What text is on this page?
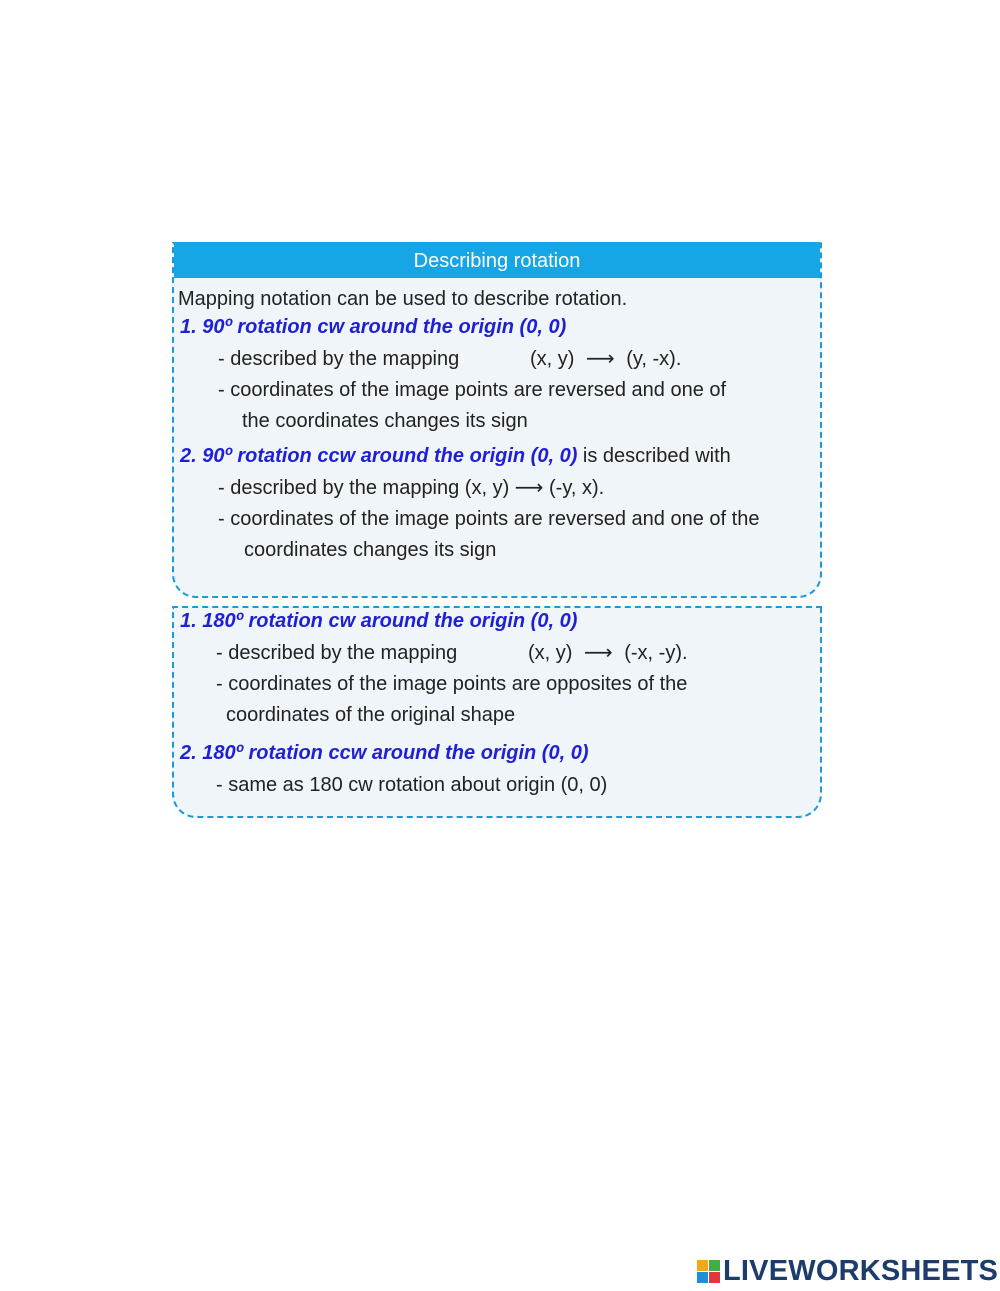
Describing rotation
Mapping notation can be used to describe rotation.
1. 90º rotation cw around the origin (0, 0)
- described by the mapping	(x, y) ⟶ (y, -x).
- coordinates of the image points are reversed and one of
the coordinates changes its sign
2. 90º rotation ccw around the origin (0, 0) is described with
- described by the mapping (x, y) ⟶ (-y, x).
- coordinates of the image points are reversed and one of the
coordinates changes its sign
1. 180º rotation cw around the origin (0, 0)
- described by the mapping	(x, y) ⟶ (-x, -y).
- coordinates of the image points are opposites of the
coordinates of the original shape
2. 180º rotation ccw around the origin (0, 0)
- same as 180 cw rotation about origin (0, 0)
LIVEWORKSHEETS
